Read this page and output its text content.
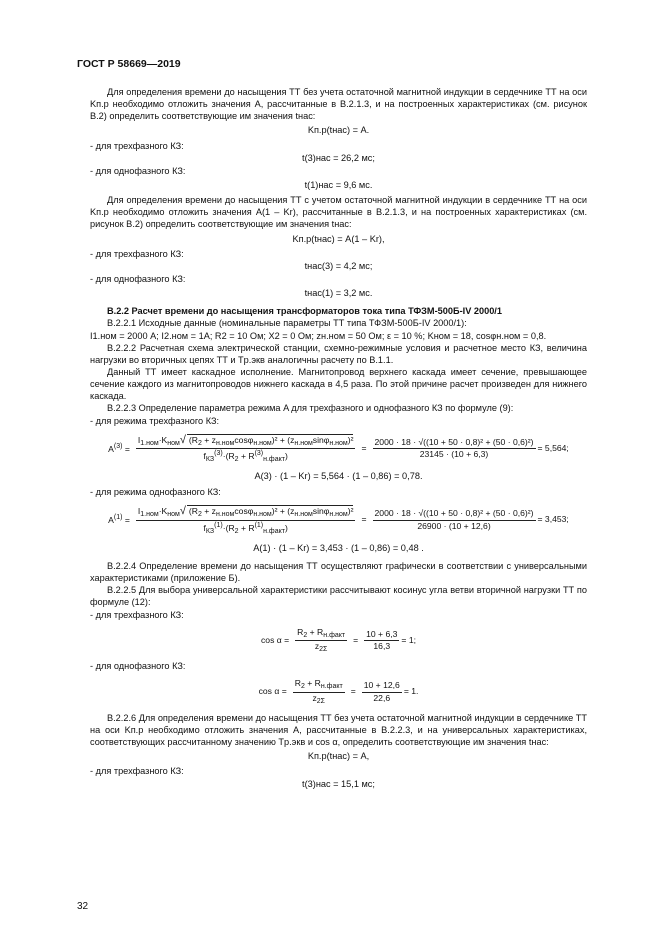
ГОСТ Р 58669—2019

Для определения времени до насыщения ТТ без учета остаточной магнитной индукции в сердечнике ТТ на оси Kп.р необходимо отложить значения A, рассчитанные в B.2.1.3, и на построенных характеристиках (см. рисунок B.2) определить соответствующие им значения tнас:

Kп.р(tнас) = A.

- для трехфазного КЗ:

t(3)нас = 26,2 мс;

- для однофазного КЗ:

t(1)нас = 9,6 мс.

Для определения времени до насыщения ТТ с учетом остаточной магнитной индукции в сердечнике ТТ на оси Kп.р необходимо отложить значения A(1 – Kr), рассчитанные в B.2.1.3, и на построенных характеристиках (см. рисунок B.2) определить соответствующие им значения tнас:

Kп.р(tнас) = A(1 – Kr),

- для трехфазного КЗ:

tнас(3) = 4,2 мс;

- для однофазного КЗ:

tнас(1) = 3,2 мс.

B.2.2 Расчет времени до насыщения трансформаторов тока типа ТФЗМ-500Б-IV 2000/1

B.2.2.1 Исходные данные (номинальные параметры ТТ типа ТФЗМ-500Б-IV 2000/1):

I1.ном = 2000 А; I2.ном = 1А; R2 = 10 Ом; X2 = 0 Ом; zн.ном = 50 Ом; ε = 10 %; Kном = 18, cosφн.ном = 0,8.

B.2.2.2 Расчетная схема электрической станции, схемно-режимные условия и расчетное место КЗ, величина нагрузки во вторичных цепях ТТ и Tр.экв аналогичны расчету по B.1.1.

Данный ТТ имеет каскадное исполнение. Магнитопровод верхнего каскада имеет сечение, превышающее сечение каждого из магнитопроводов нижнего каскада в 4,5 раза. По этой причине расчет произведен для нижнего каскада.

B.2.2.3 Определение параметра режима A для трехфазного и однофазного КЗ по формуле (9):

- для режима трехфазного КЗ:

$A^{(3)} = \frac{I_{1.ном}\cdot K_{ном}√ (R_2 + z_{н.ном}\cos\varphi_{н.ном})^2 + (z_{н.ном}\sin\varphi_{н.ном})^2}{f_{КЗ}^{(3)}\cdot(R_2 + R^{(3)}_{н.факт})} = \frac{\text{2000 · 18 · √((10 + 50 · 0,8)² + (50 · 0,6)²)}}{23145 \cdot (10 + 6,3)} = 5,564$;

A(3) · (1 – Kr) = 5,564 · (1 – 0,86) = 0,78.

- для режима однофазного КЗ:

$A^{(1)} = \frac{I_{1.ном}\cdot K_{ном}√ (R_2 + z_{н.ном}\cos\varphi_{н.ном})^2 + (z_{н.ном}\sin\varphi_{н.ном})^2}{f_{КЗ}^{(1)}\cdot(R_2 + R^{(1)}_{н.факт})} = \frac{\text{2000 · 18 · √((10 + 50 · 0,8)² + (50 · 0,6)²)}}{26900 \cdot (10 + 12,6)} = 3,453$;

A(1) · (1 – Kr) = 3,453 · (1 – 0,86) = 0,48 .

B.2.2.4 Определение времени до насыщения ТТ осуществляют графически в соответствии с универсальными характеристиками (приложение Б).

B.2.2.5 Для выбора универсальной характеристики рассчитывают косинус угла ветви вторичной нагрузки ТТ по формуле (12):

- для трехфазного КЗ:

$\cos \alpha = \frac{R_2 + R_{н.факт}}{z_{2\Sigma}} = \frac{10 + 6,3}{16,3} = 1$;

- для однофазного КЗ:

$\cos \alpha = \frac{R_2 + R_{н.факт}}{z_{2\Sigma}} = \frac{10 + 12,6}{22,6} = 1$.

B.2.2.6 Для определения времени до насыщения ТТ без учета остаточной магнитной индукции в сердечнике ТТ на оси Kп.р необходимо отложить значения A, рассчитанные в B.2.2.3, и на универсальных характеристиках, соответствующих рассчитанному значению Tр.экв и cos α, определить соответствующие им значения tнас:

Kп.р(tнас) = A,

- для трехфазного КЗ:

t(3)нас = 15,1 мс;

32
